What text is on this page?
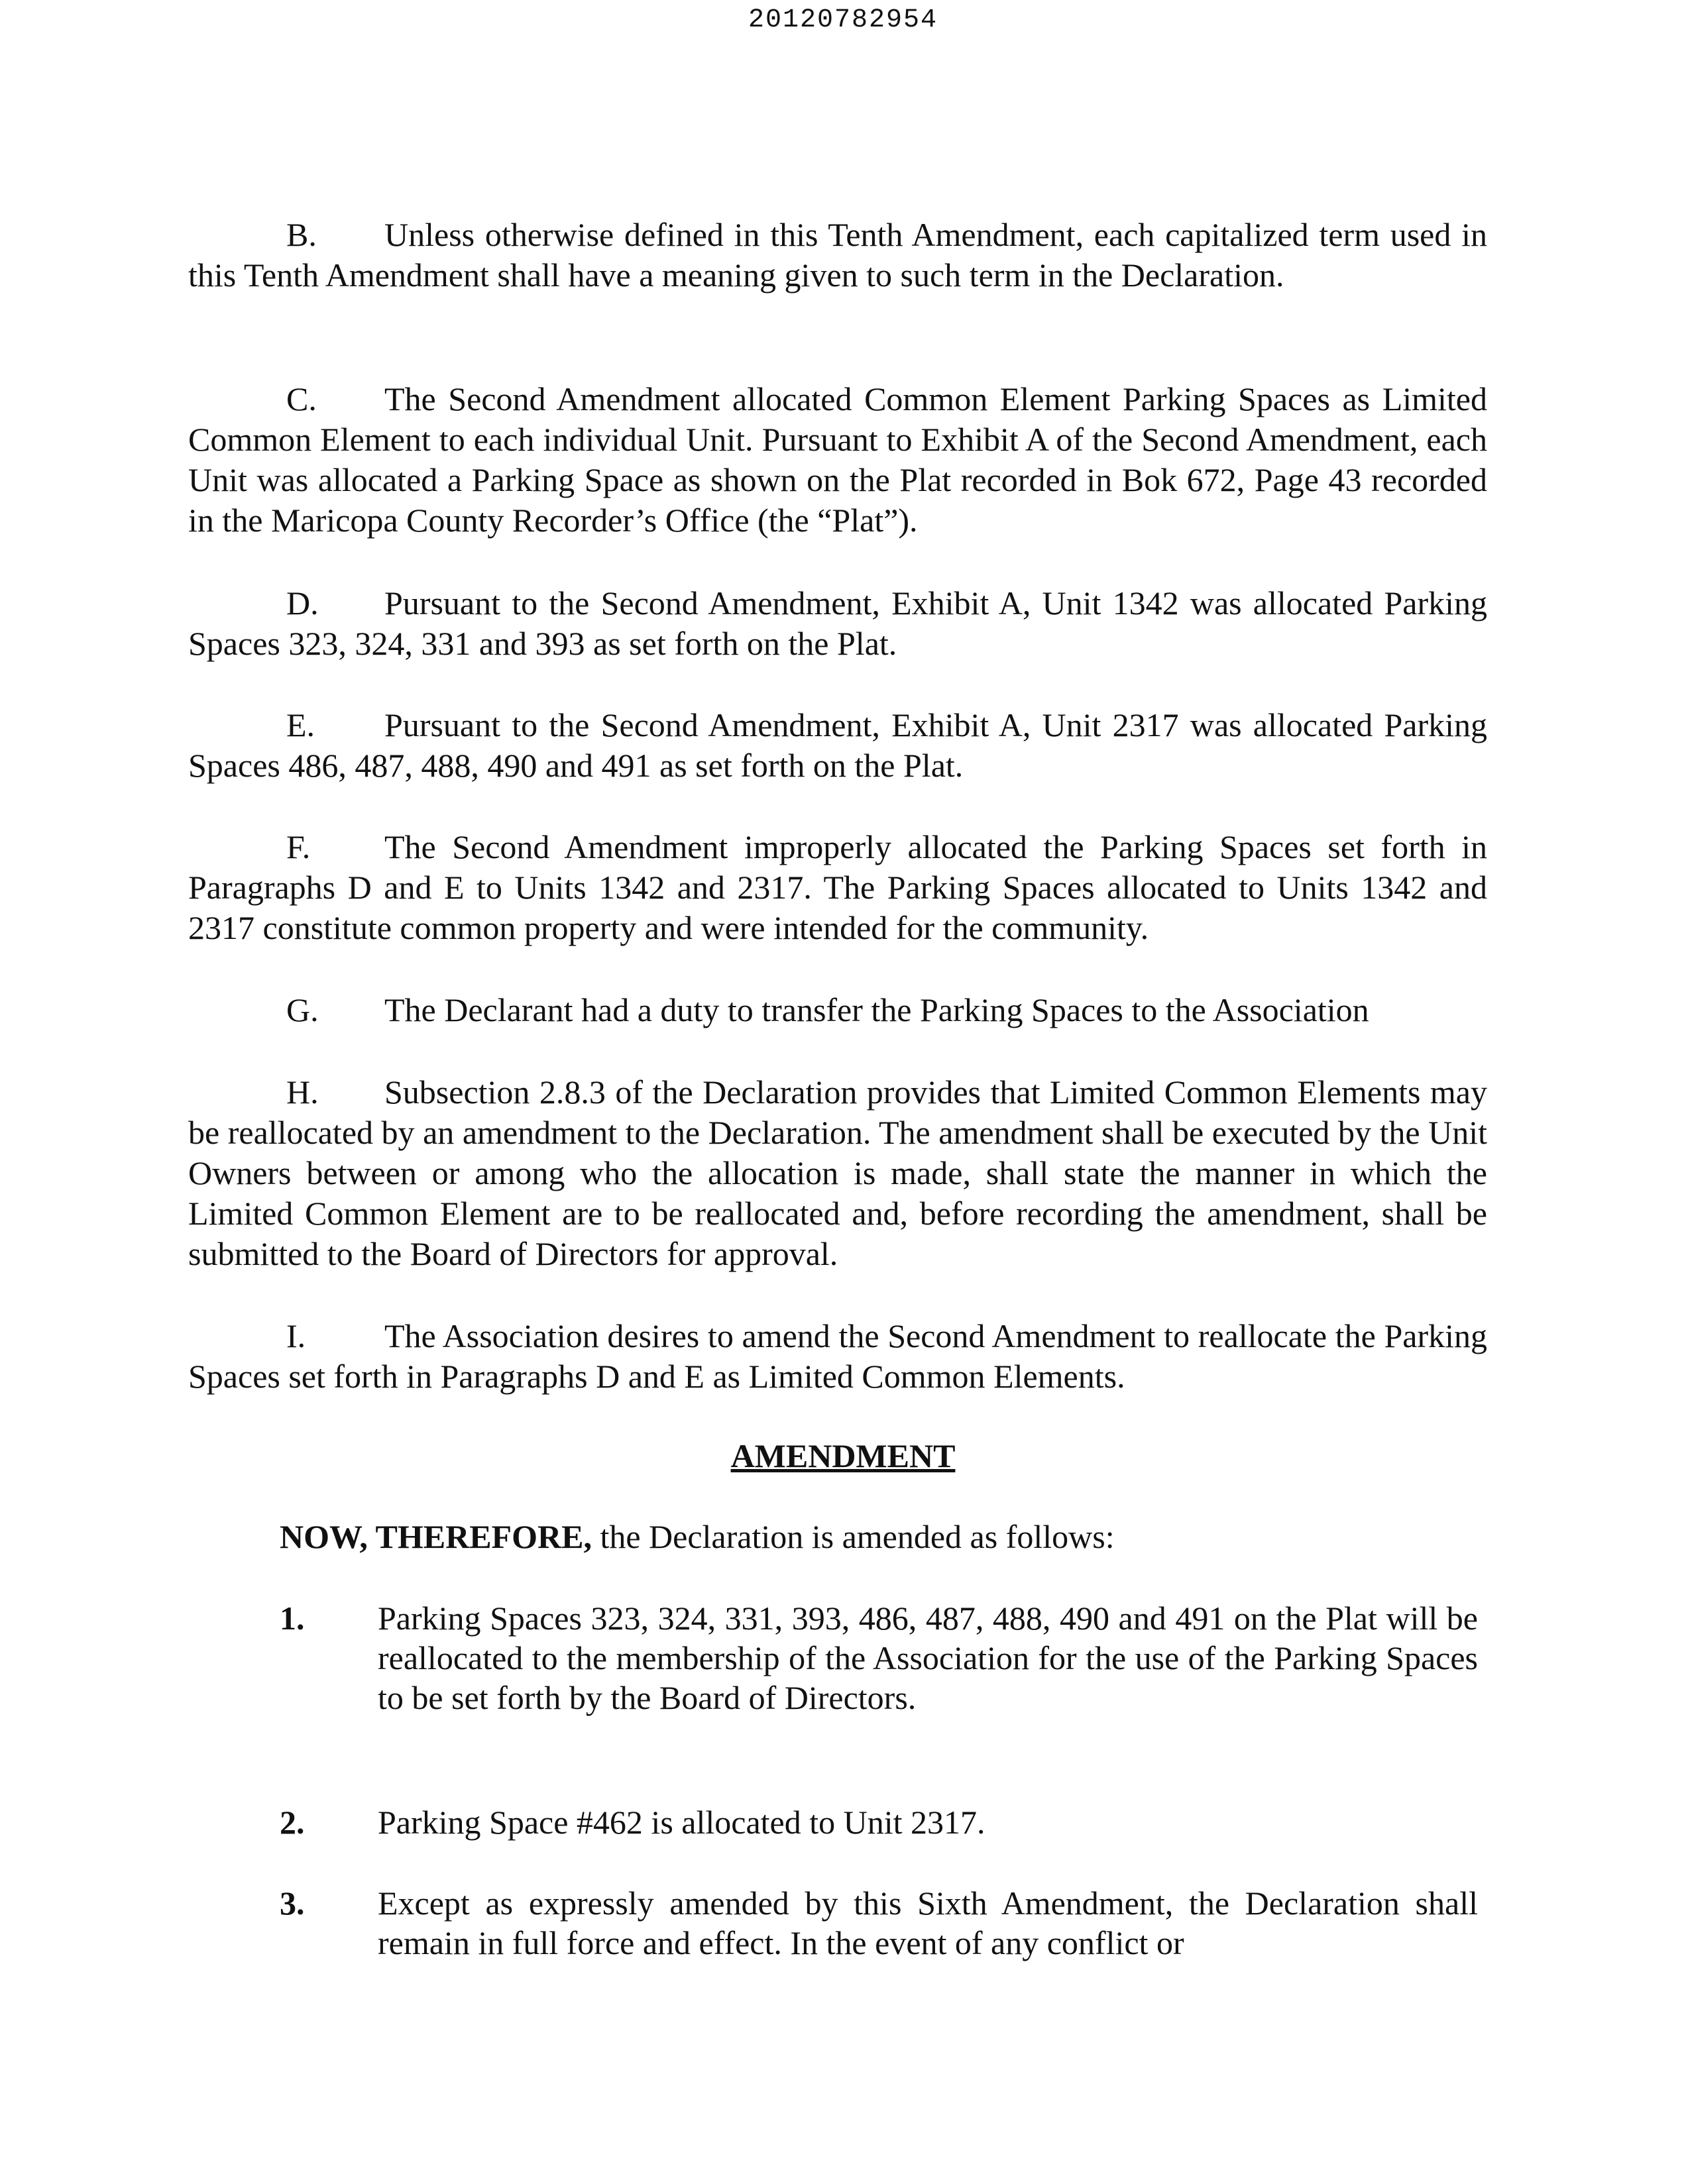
20120782954
B. Unless otherwise defined in this Tenth Amendment, each capitalized term used in this Tenth Amendment shall have a meaning given to such term in the Declaration.
C. The Second Amendment allocated Common Element Parking Spaces as Limited Common Element to each individual Unit. Pursuant to Exhibit A of the Second Amendment, each Unit was allocated a Parking Space as shown on the Plat recorded in Bok 672, Page 43 recorded in the Maricopa County Recorder’s Office (the “Plat”).
D. Pursuant to the Second Amendment, Exhibit A, Unit 1342 was allocated Parking Spaces 323, 324, 331 and 393 as set forth on the Plat.
E. Pursuant to the Second Amendment, Exhibit A, Unit 2317 was allocated Parking Spaces 486, 487, 488, 490 and 491 as set forth on the Plat.
F. The Second Amendment improperly allocated the Parking Spaces set forth in Paragraphs D and E to Units 1342 and 2317. The Parking Spaces allocated to Units 1342 and 2317 constitute common property and were intended for the community.
G. The Declarant had a duty to transfer the Parking Spaces to the Association
H. Subsection 2.8.3 of the Declaration provides that Limited Common Elements may be reallocated by an amendment to the Declaration. The amendment shall be executed by the Unit Owners between or among who the allocation is made, shall state the manner in which the Limited Common Element are to be reallocated and, before recording the amendment, shall be submitted to the Board of Directors for approval.
I. The Association desires to amend the Second Amendment to reallocate the Parking Spaces set forth in Paragraphs D and E as Limited Common Elements.
AMENDMENT
NOW, THEREFORE, the Declaration is amended as follows:
1. Parking Spaces 323, 324, 331, 393, 486, 487, 488, 490 and 491 on the Plat will be reallocated to the membership of the Association for the use of the Parking Spaces to be set forth by the Board of Directors.
2. Parking Space #462 is allocated to Unit 2317.
3. Except as expressly amended by this Sixth Amendment, the Declaration shall remain in full force and effect. In the event of any conflict or
